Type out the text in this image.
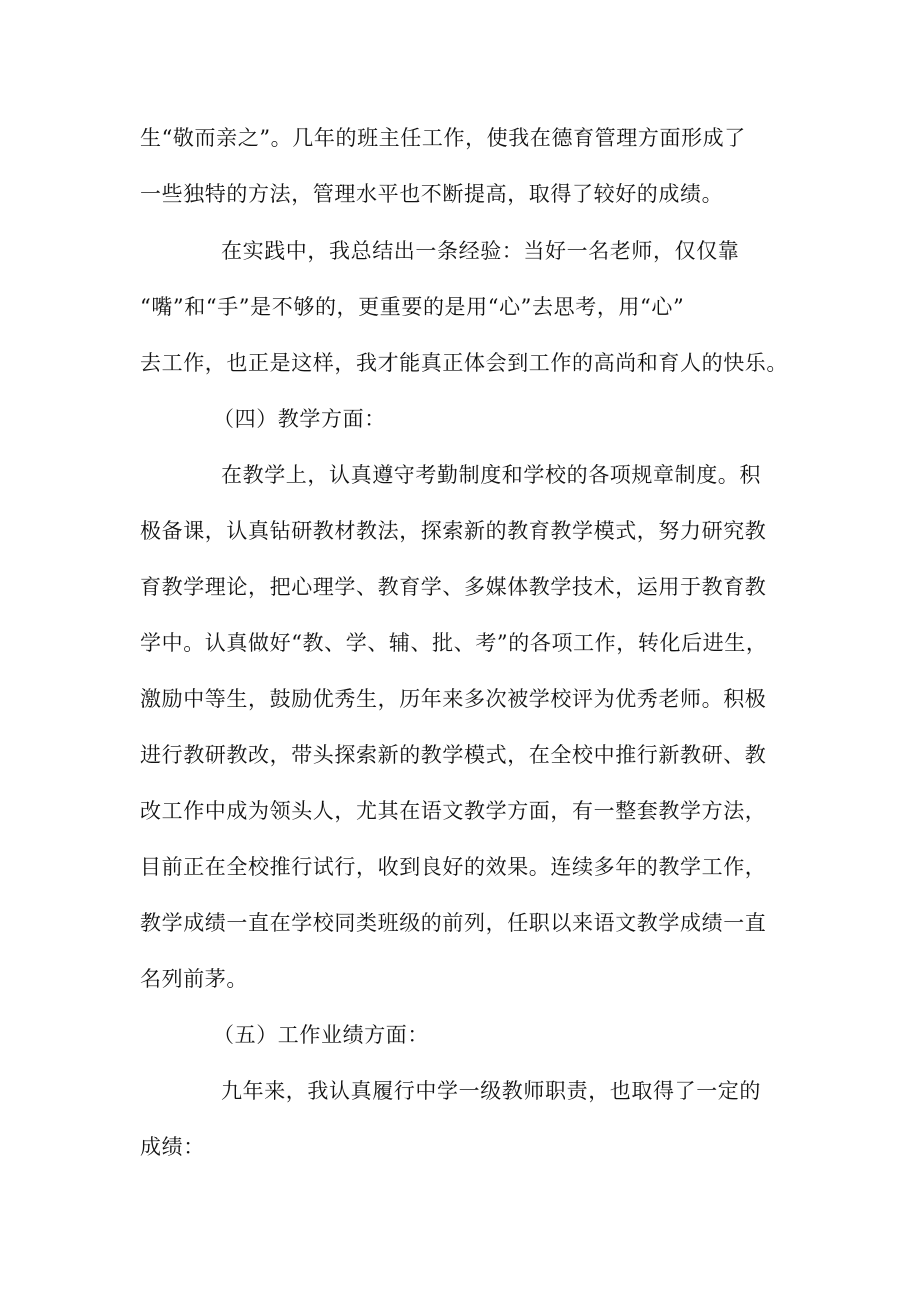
生“敬而亲之”。几年的班主任工作，使我在德育管理方面形成了
一些独特的方法，管理水平也不断提高，取得了较好的成绩。
在实践中，我总结出一条经验：当好一名老师，仅仅靠
“嘴”和“手”是不够的，更重要的是用“心”去思考，用“心”
去工作，也正是这样，我才能真正体会到工作的高尚和育人的快乐。
（四）教学方面：
在教学上，认真遵守考勤制度和学校的各项规章制度。积
极备课，认真钻研教材教法，探索新的教育教学模式，努力研究教
育教学理论，把心理学、教育学、多媒体教学技术，运用于教育教
学中。认真做好“教、学、辅、批、考”的各项工作，转化后进生，
激励中等生，鼓励优秀生，历年来多次被学校评为优秀老师。积极
进行教研教改，带头探索新的教学模式，在全校中推行新教研、教
改工作中成为领头人，尤其在语文教学方面，有一整套教学方法，
目前正在全校推行试行，收到良好的效果。连续多年的教学工作，
教学成绩一直在学校同类班级的前列，任职以来语文教学成绩一直
名列前茅。
（五）工作业绩方面：
九年来，我认真履行中学一级教师职责，也取得了一定的
成绩：
